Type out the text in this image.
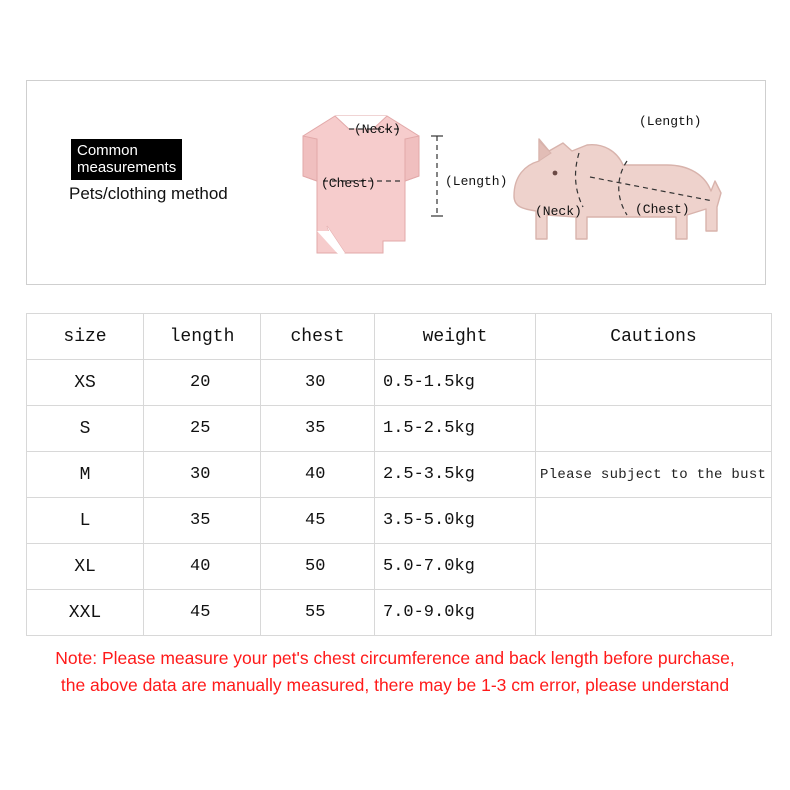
(Neck)
(Chest)	(Length)
(Length)
(Neck)	(Chest)
Common
measurements
Pets/clothing method
size	length	chest	weight	Cautions
XS	20	30	0.5-1.5kg	
S	25	35	1.5-2.5kg	
M	30	40	2.5-3.5kg	Please subject to the bust
L	35	45	3.5-5.0kg	
XL	40	50	5.0-7.0kg	
XXL	45	55	7.0-9.0kg	
Note: Please measure your pet's chest circumference and back length before purchase,
the above data are manually measured, there may be 1-3 cm error, please understand
